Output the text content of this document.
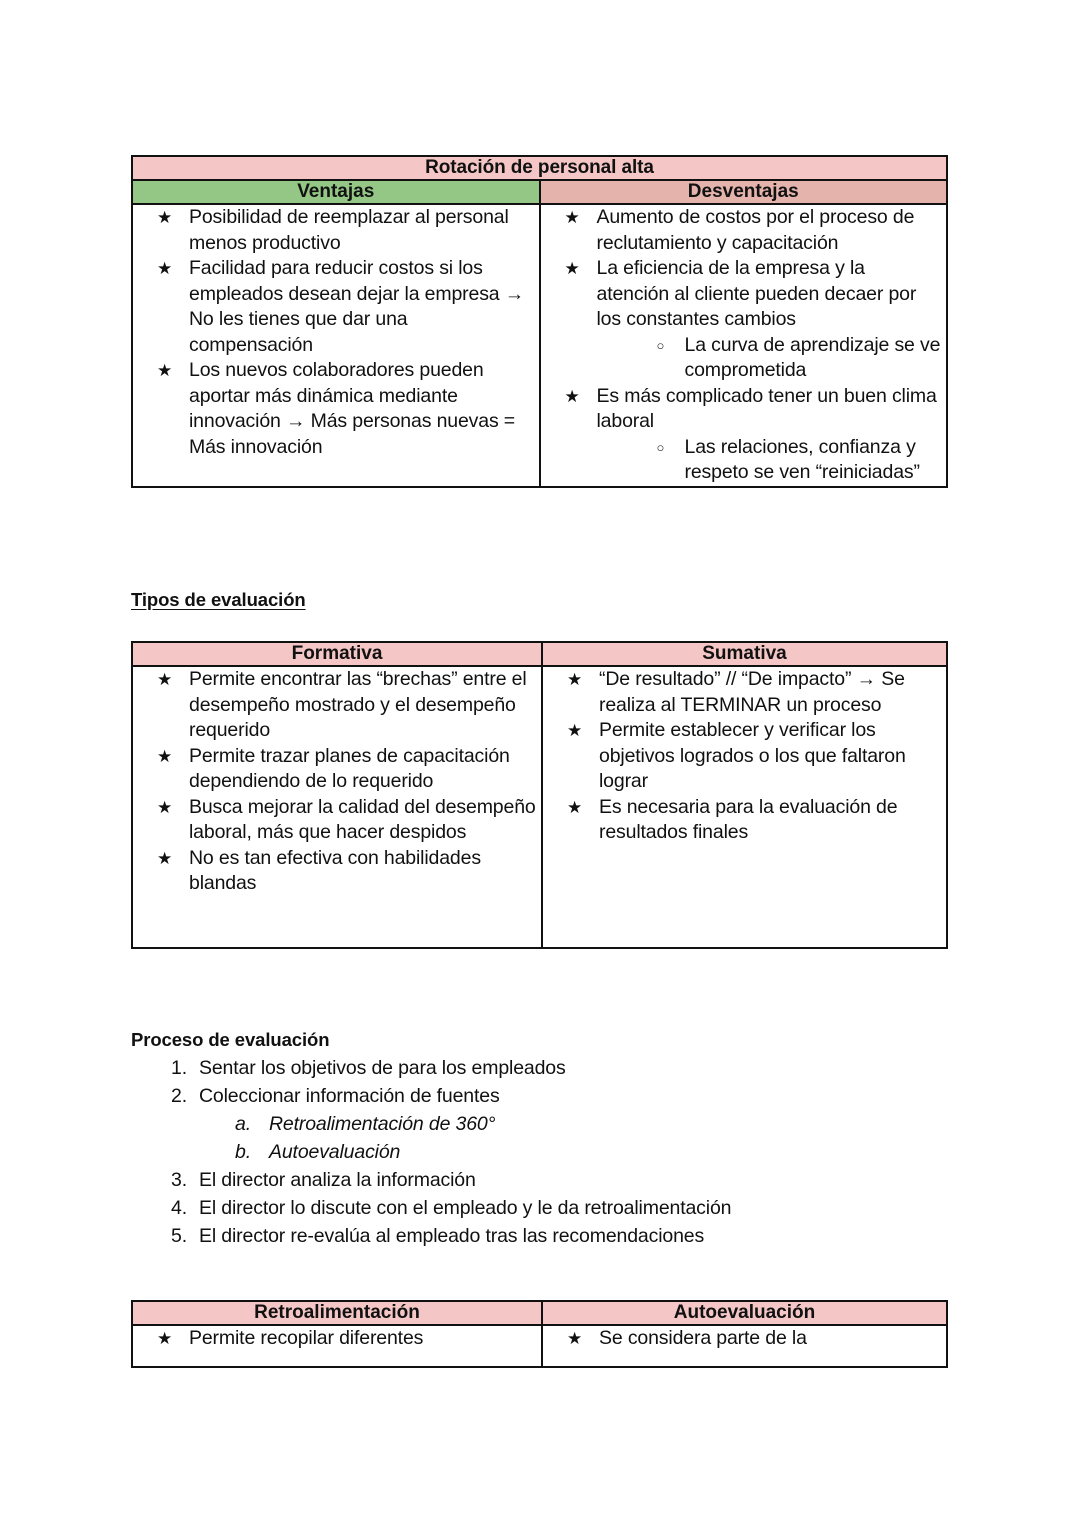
Rotación de personal alta	
Ventajas	Desventajas

★ Posibilidad de reemplazar al personal menos productivo
★ Facilidad para reducir costos si los empleados desean dejar la empresa → No les tienes que dar una compensación
★ Los nuevos colaboradores pueden aportar más dinámica mediante innovación → Más personas nuevas = Más innovación

★ Aumento de costos por el proceso de reclutamiento y capacitación
★ La eficiencia de la empresa y la atención al cliente pueden decaer por los constantes cambios
○ La curva de aprendizaje se ve comprometida
★ Es más complicado tener un buen clima laboral
○ Las relaciones, confianza y respeto se ven “reiniciadas”
Tipos de evaluación
Formativa	Sumativa

★ Permite encontrar las “brechas” entre el desempeño mostrado y el desempeño requerido
★ Permite trazar planes de capacitación dependiendo de lo requerido
★ Busca mejorar la calidad del desempeño laboral, más que hacer despidos
★ No es tan efectiva con habilidades blandas

★ “De resultado” // “De impacto” → Se realiza al TERMINAR un proceso
★ Permite establecer y verificar los objetivos logrados o los que faltaron lograr
★ Es necesaria para la evaluación de resultados finales
Proceso de evaluación
1. Sentar los objetivos de para los empleados
2. Coleccionar información de fuentes
a. Retroalimentación de 360°
b. Autoevaluación
3. El director analiza la información
4. El director lo discute con el empleado y le da retroalimentación
5. El director re-evalúa al empleado tras las recomendaciones
Retroalimentación	Autoevaluación

★ Permite recopilar diferentes	★ Se considera parte de la
